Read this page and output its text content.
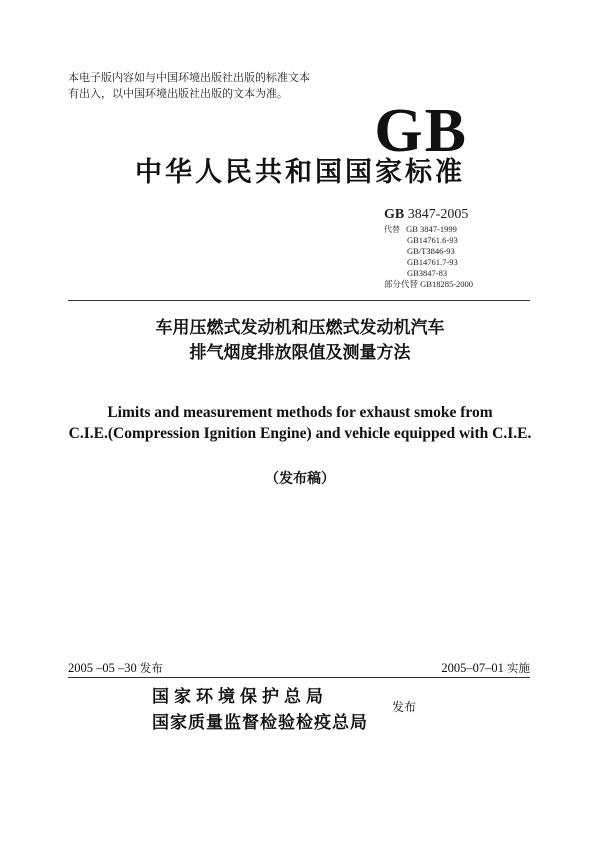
本电子版内容如与中国环境出版社出版的标准文本
有出入，以中国环境出版社出版的文本为准。
GB
中华人民共和国国家标准
GB 3847-2005
代替 GB 3847-1999
GB14761.6-93
GB/T3846-93
GB14761.7-93
GB3847-83
部分代替 GB18285-2000
车用压燃式发动机和压燃式发动机汽车
排气烟度排放限值及测量方法
Limits and measurement methods for exhaust smoke from
C.I.E.(Compression Ignition Engine) and vehicle equipped with C.I.E.
（发布稿）
2005 –05 –30 发布	2005–07–01 实施
国家环境保护总局
国家质量监督检验检疫总局
发布
